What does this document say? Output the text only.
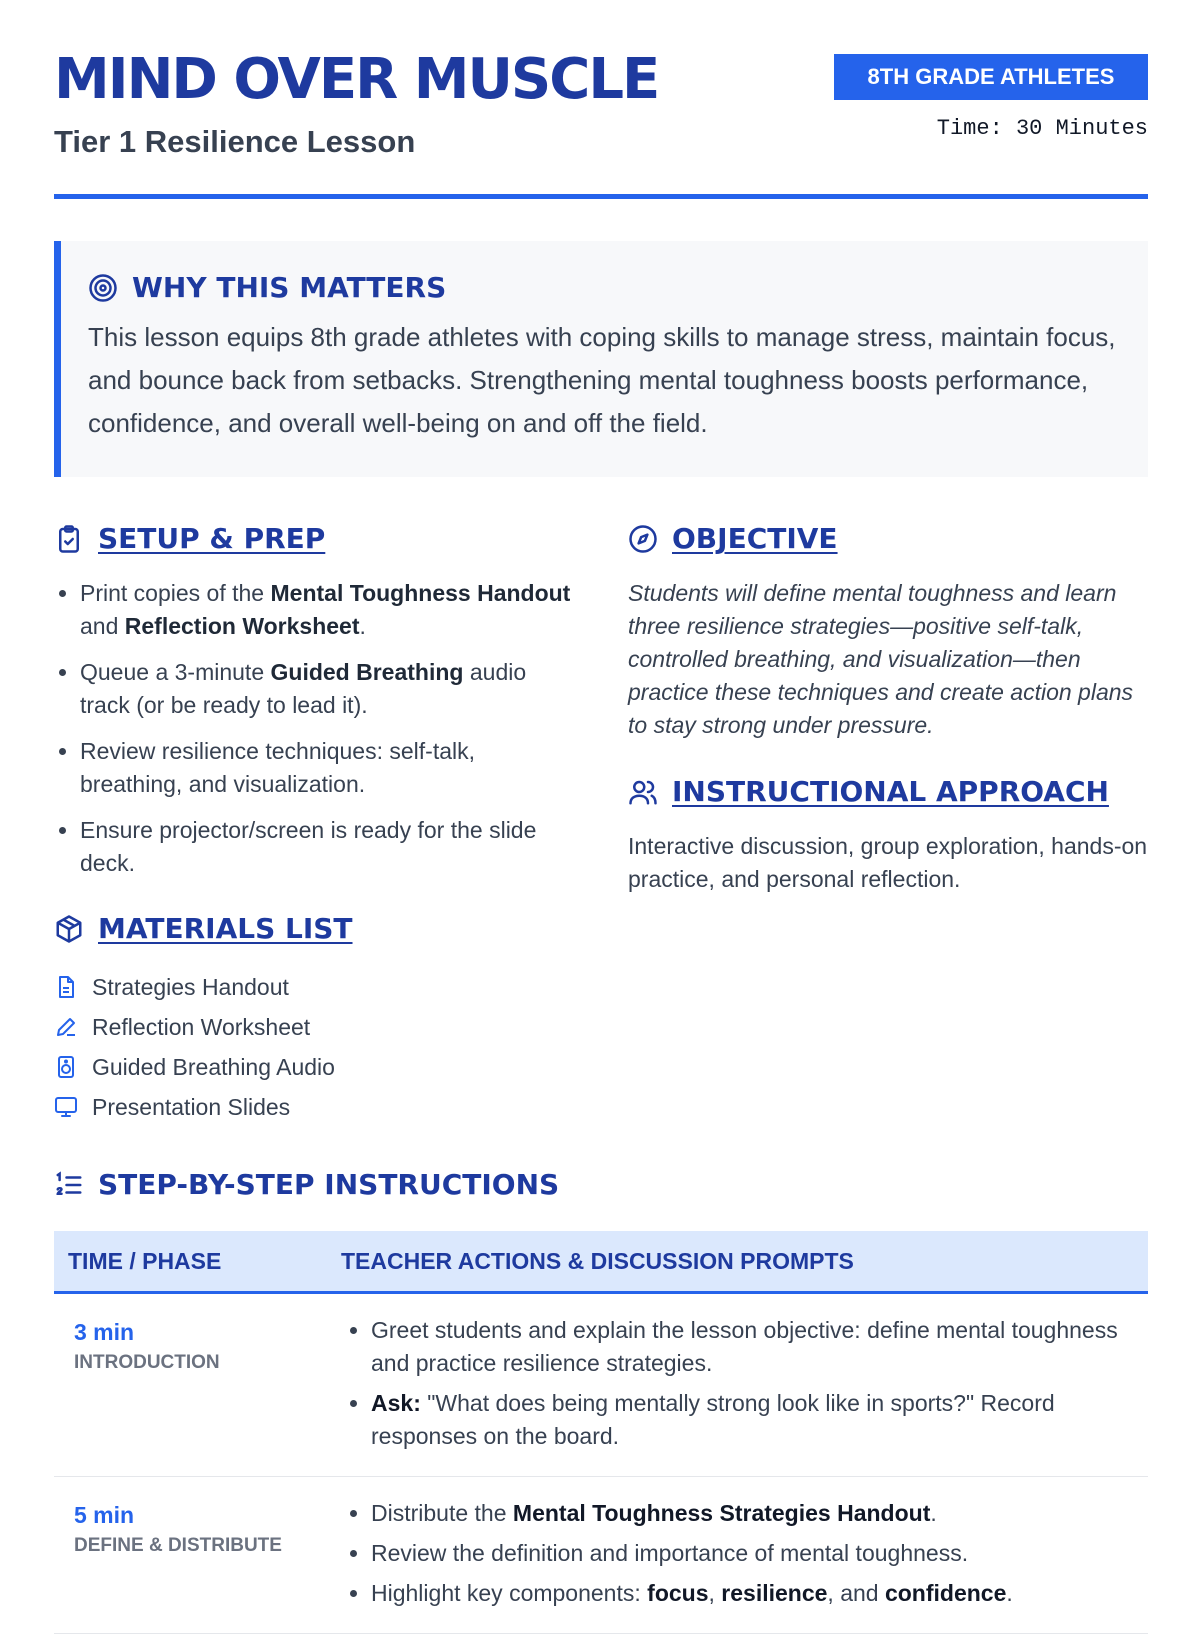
MIND OVER MUSCLE
Tier 1 Resilience Lesson
8TH GRADE ATHLETES
Time: 30 Minutes
WHY THIS MATTERS
This lesson equips 8th grade athletes with coping skills to manage stress, maintain focus, and bounce back from setbacks. Strengthening mental toughness boosts performance, confidence, and overall well-being on and off the field.
SETUP & PREP
• Print copies of the Mental Toughness Handout and Reflection Worksheet.
• Queue a 3-minute Guided Breathing audio track (or be ready to lead it).
• Review resilience techniques: self-talk, breathing, and visualization.
• Ensure projector/screen is ready for the slide deck.
MATERIALS LIST
Strategies Handout
Reflection Worksheet
Guided Breathing Audio
Presentation Slides
OBJECTIVE
Students will define mental toughness and learn three resilience strategies—positive self-talk, controlled breathing, and visualization—then practice these techniques and create action plans to stay strong under pressure.
INSTRUCTIONAL APPROACH
Interactive discussion, group exploration, hands-on practice, and personal reflection.
STEP-BY-STEP INSTRUCTIONS
TIME / PHASE	TEACHER ACTIONS & DISCUSSION PROMPTS
3 min
INTRODUCTION
• Greet students and explain the lesson objective: define mental toughness and practice resilience strategies.
• Ask: "What does being mentally strong look like in sports?" Record responses on the board.
5 min
DEFINE & DISTRIBUTE
• Distribute the Mental Toughness Strategies Handout.
• Review the definition and importance of mental toughness.
• Highlight key components: focus, resilience, and confidence.
